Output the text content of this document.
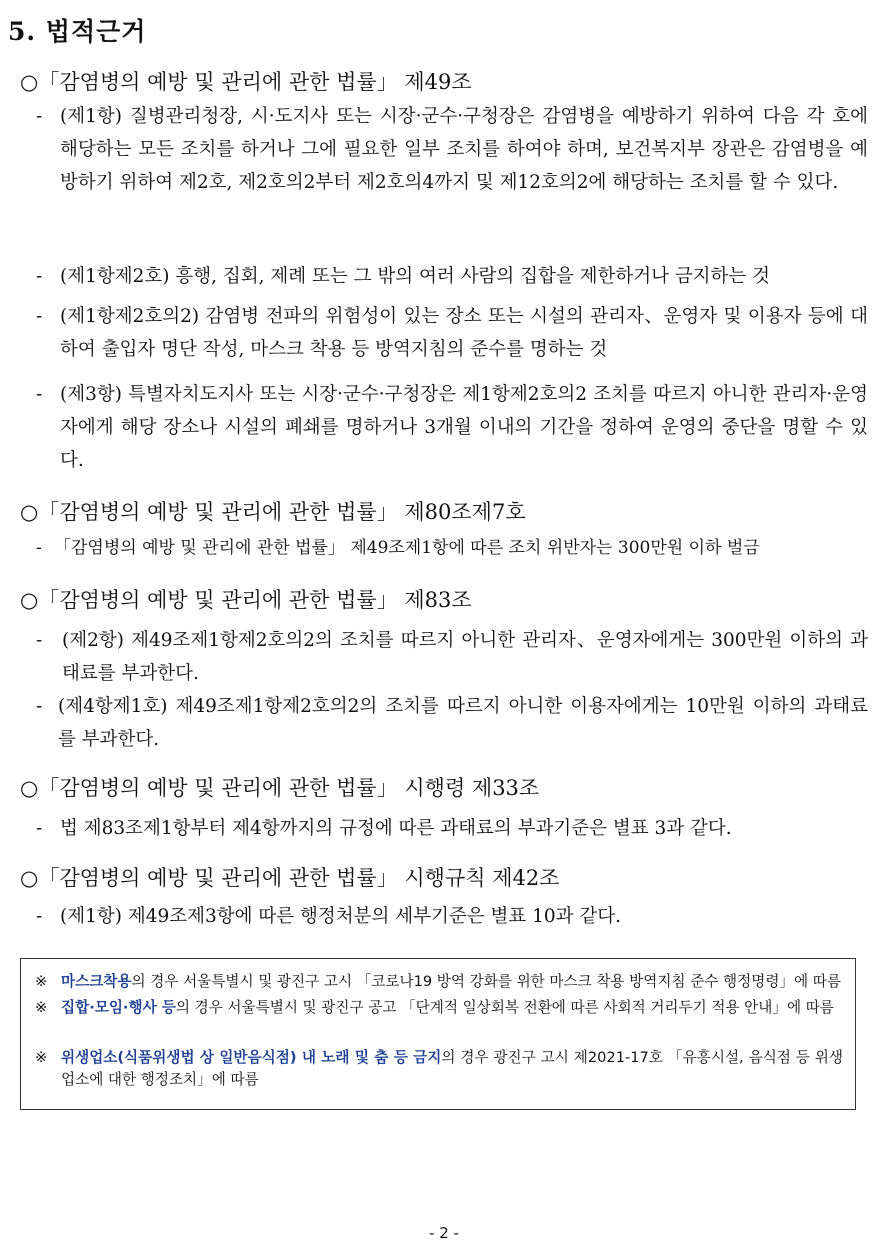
5. 법적근거
○「감염병의 예방 및 관리에 관한 법률」 제49조
- (제1항) 질병관리청장, 시·도지사 또는 시장·군수·구청장은 감염병을 예방하기 위하여 다음 각 호에 해당하는 모든 조치를 하거나 그에 필요한 일부 조치를 하여야 하며, 보건복지부 장관은 감염병을 예방하기 위하여 제2호, 제2호의2부터 제2호의4까지 및 제12호의2에 해당하는 조치를 할 수 있다.
- (제1항제2호) 흥행, 집회, 제례 또는 그 밖의 여러 사람의 집합을 제한하거나 금지하는 것
- (제1항제2호의2) 감염병 전파의 위험성이 있는 장소 또는 시설의 관리자、운영자 및 이용자 등에 대하여 출입자 명단 작성, 마스크 착용 등 방역지침의 준수를 명하는 것
- (제3항) 특별자치도지사 또는 시장·군수·구청장은 제1항제2호의2 조치를 따르지 아니한 관리자·운영자에게 해당 장소나 시설의 폐쇄를 명하거나 3개월 이내의 기간을 정하여 운영의 중단을 명할 수 있다.
○「감염병의 예방 및 관리에 관한 법률」 제80조제7호
- 「감염병의 예방 및 관리에 관한 법률」 제49조제1항에 따른 조치 위반자는 300만원 이하 벌금
○「감염병의 예방 및 관리에 관한 법률」 제83조
-	(제2항) 제49조제1항제2호의2의 조치를 따르지 아니한 관리자、운영자에게는 300만원 이하의 과태료를 부과한다.
- (제4항제1호) 제49조제1항제2호의2의 조치를 따르지 아니한 이용자에게는 10만원 이하의 과태료를 부과한다.
○「감염병의 예방 및 관리에 관한 법률」 시행령 제33조
- 법 제83조제1항부터 제4항까지의 규정에 따른 과태료의 부과기준은 별표 3과 같다.
○「감염병의 예방 및 관리에 관한 법률」 시행규칙 제42조
- (제1항) 제49조제3항에 따른 행정처분의 세부기준은 별표 10과 같다.
※ 마스크착용의 경우 서울특별시 및 광진구 고시 「코로나19 방역 강화를 위한 마스크 착용 방역지침 준수 행정명령」에 따름
※ 집합·모임·행사 등의 경우 서울특별시 및 광진구 공고 「단계적 일상회복 전환에 따른 사회적 거리두기 적용 안내」에 따름
※ 위생업소(식품위생법 상 일반음식점) 내 노래 및 춤 등 금지의 경우 광진구 고시 제2021-17호 「유흥시설, 음식점 등 위생업소에 대한 행정조치」에 따름
- 2 -
